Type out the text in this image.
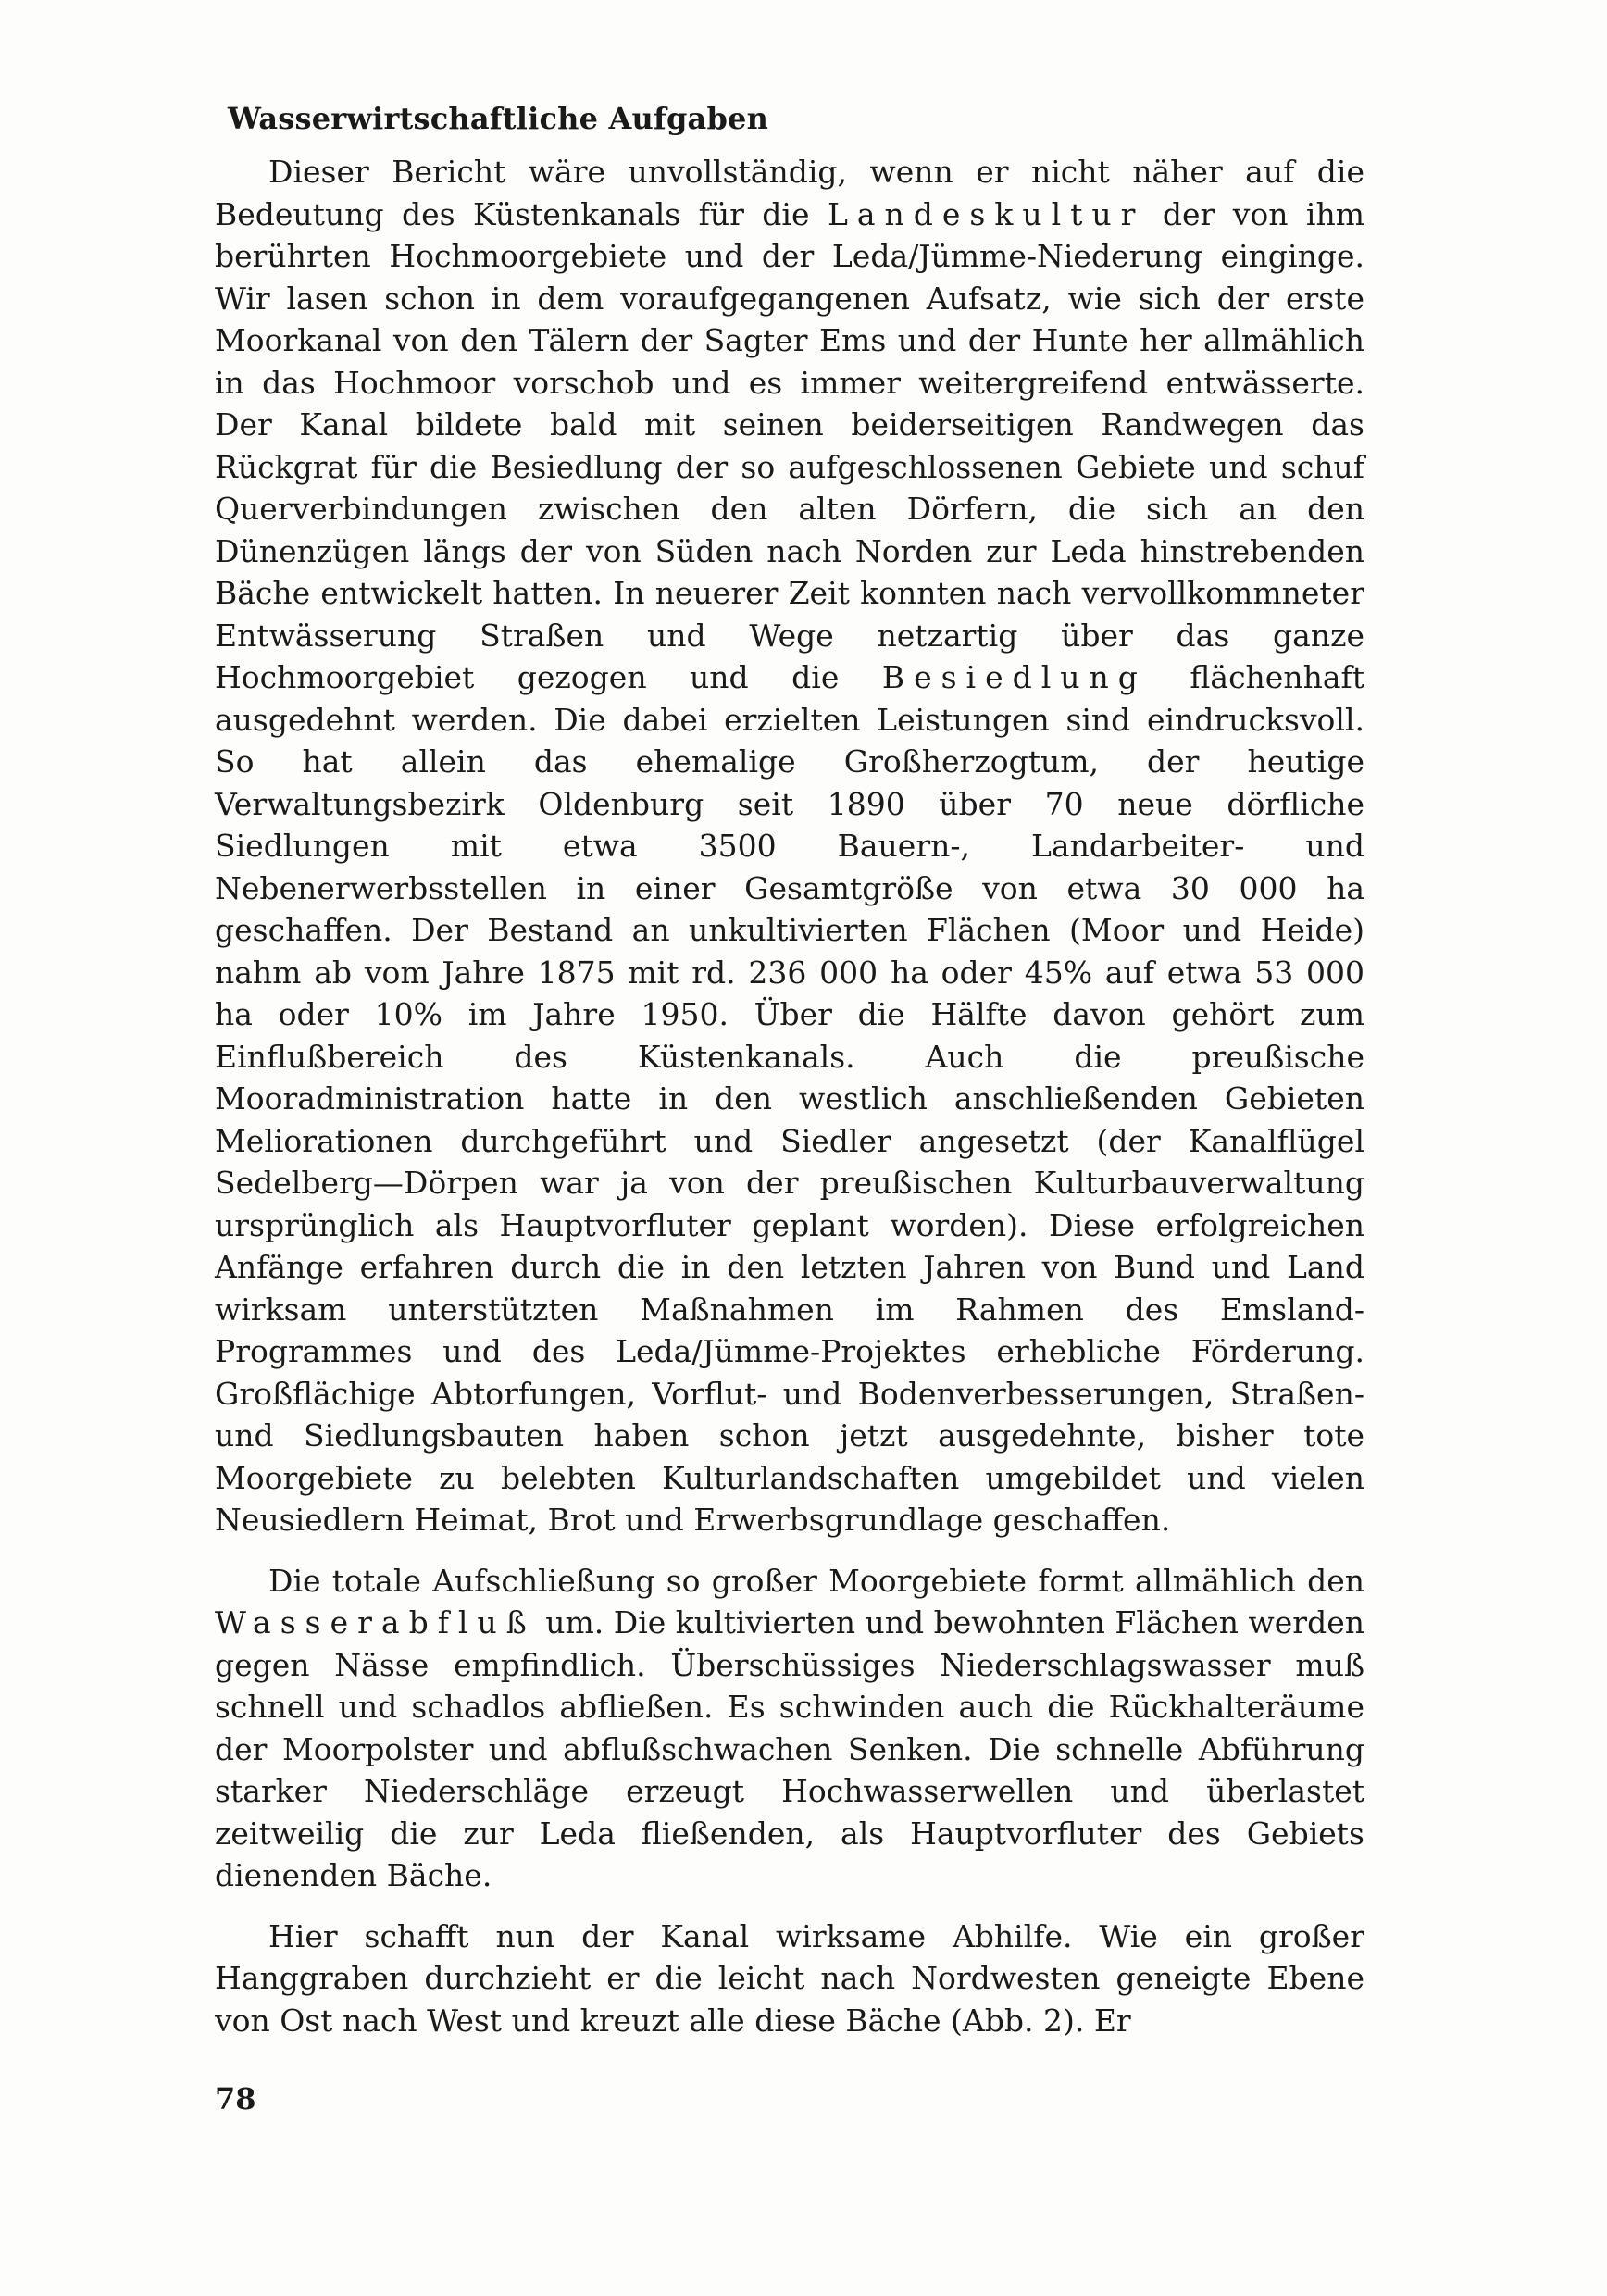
Wasserwirtschaftliche Aufgaben

Dieser Bericht wäre unvollständig, wenn er nicht näher auf die Bedeutung des Küstenkanals für die Landeskultur der von ihm berührten Hochmoorgebiete und der Leda/Jümme-Niederung einginge. Wir lasen schon in dem voraufgegangenen Aufsatz, wie sich der erste Moorkanal von den Tälern der Sagter Ems und der Hunte her allmählich in das Hochmoor vorschob und es immer weitergreifend entwässerte. Der Kanal bildete bald mit seinen beiderseitigen Randwegen das Rückgrat für die Besiedlung der so aufgeschlossenen Gebiete und schuf Querverbindungen zwischen den alten Dörfern, die sich an den Dünenzügen längs der von Süden nach Norden zur Leda hinstrebenden Bäche entwickelt hatten. In neuerer Zeit konnten nach vervollkommneter Entwässerung Straßen und Wege netzartig über das ganze Hochmoorgebiet gezogen und die Besiedlung flächenhaft ausgedehnt werden. Die dabei erzielten Leistungen sind eindrucksvoll. So hat allein das ehemalige Großherzogtum, der heutige Verwaltungsbezirk Oldenburg seit 1890 über 70 neue dörfliche Siedlungen mit etwa 3500 Bauern-, Landarbeiter- und Nebenerwerbsstellen in einer Gesamtgröße von etwa 30 000 ha geschaffen. Der Bestand an unkultivierten Flächen (Moor und Heide) nahm ab vom Jahre 1875 mit rd. 236 000 ha oder 45% auf etwa 53 000 ha oder 10% im Jahre 1950. Über die Hälfte davon gehört zum Einflußbereich des Küstenkanals. Auch die preußische Mooradministration hatte in den westlich anschließenden Gebieten Meliorationen durchgeführt und Siedler angesetzt (der Kanalflügel Sedelberg—Dörpen war ja von der preußischen Kulturbauverwaltung ursprünglich als Hauptvorfluter geplant worden). Diese erfolgreichen Anfänge erfahren durch die in den letzten Jahren von Bund und Land wirksam unterstützten Maßnahmen im Rahmen des Emsland-Programmes und des Leda/Jümme-Projektes erhebliche Förderung. Großflächige Abtorfungen, Vorflut- und Bodenverbesserungen, Straßen- und Siedlungsbauten haben schon jetzt ausgedehnte, bisher tote Moorgebiete zu belebten Kulturlandschaften umgebildet und vielen Neusiedlern Heimat, Brot und Erwerbsgrundlage geschaffen.

Die totale Aufschließung so großer Moorgebiete formt allmählich den Wasserabfluß um. Die kultivierten und bewohnten Flächen werden gegen Nässe empfindlich. Überschüssiges Niederschlagswasser muß schnell und schadlos abfließen. Es schwinden auch die Rückhalteräume der Moorpolster und abflußschwachen Senken. Die schnelle Abführung starker Niederschläge erzeugt Hochwasserwellen und überlastet zeitweilig die zur Leda fließenden, als Hauptvorfluter des Gebiets dienenden Bäche.

Hier schafft nun der Kanal wirksame Abhilfe. Wie ein großer Hanggraben durchzieht er die leicht nach Nordwesten geneigte Ebene von Ost nach West und kreuzt alle diese Bäche (Abb. 2). Er

78
